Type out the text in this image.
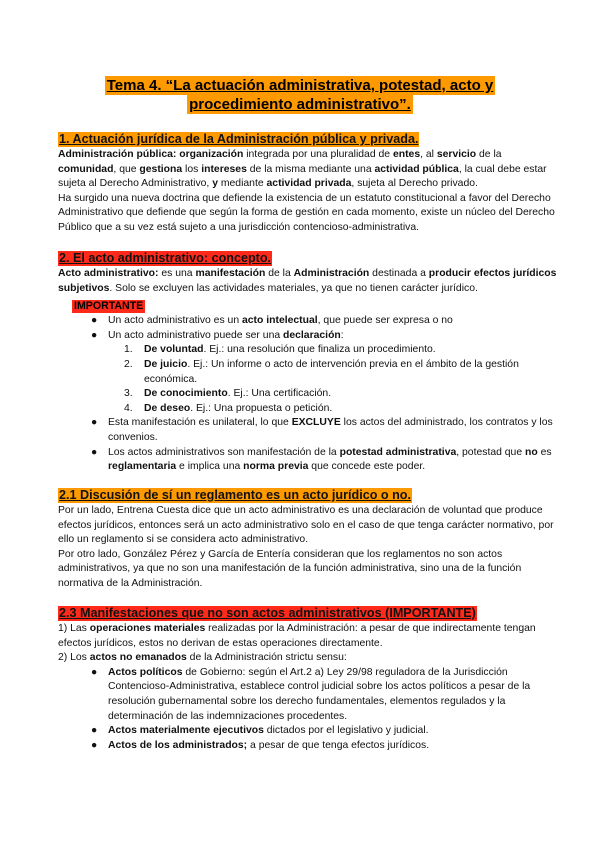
Tema 4. “La actuación administrativa, potestad, acto y
procedimiento administrativo”.
1. Actuación jurídica de la Administración pública y privada.

Administración pública: organización integrada por una pluralidad de entes, al servicio de la comunidad, que gestiona los intereses de la misma mediante una actividad pública, la cual debe estar sujeta al Derecho Administrativo, y mediante actividad privada, sujeta al Derecho privado.

Ha surgido una nueva doctrina que defiende la existencia de un estatuto constitucional a favor del Derecho Administrativo que defiende que según la forma de gestión en cada momento, existe un núcleo del Derecho Público que a su vez está sujeto a una jurisdicción contencioso-administrativa.

2. El acto administrativo: concepto.

Acto administrativo: es una manifestación de la Administración destinada a producir efectos jurídicos subjetivos. Solo se excluyen las actividades materiales, ya que no tienen carácter jurídico.

IMPORTANTE
● Un acto administrativo es un acto intelectual, que puede ser expresa o no
● Un acto administrativo puede ser una declaración:
1. De voluntad. Ej.: una resolución que finaliza un procedimiento.
2. De juicio. Ej.: Un informe o acto de intervención previa en el ámbito de la gestión económica.
3. De conocimiento. Ej.: Una certificación.
4. De deseo. Ej.: Una propuesta o petición.
● Esta manifestación es unilateral, lo que EXCLUYE los actos del administrado, los contratos y los convenios.
● Los actos administrativos son manifestación de la potestad administrativa, potestad que no es reglamentaria e implica una norma previa que concede este poder.
2.1 Discusión de sí un reglamento es un acto jurídico o no.

Por un lado, Entrena Cuesta dice que un acto administrativo es una declaración de voluntad que produce efectos jurídicos, entonces será un acto administrativo solo en el caso de que tenga carácter normativo, por ello un reglamento si se considera acto administrativo.

Por otro lado, González Pérez y García de Entería consideran que los reglamentos no son actos administrativos, ya que no son una manifestación de la función administrativa, sino una de la función normativa de la Administración.

2.3 Manifestaciones que no son actos administrativos (IMPORTANTE)

1) Las operaciones materiales realizadas por la Administración: a pesar de que indirectamente tengan efectos jurídicos, estos no derivan de estas operaciones directamente.

2) Los actos no emanados de la Administración strictu sensu:

● Actos políticos de Gobierno: según el Art.2 a) Ley 29/98 reguladora de la Jurisdicción Contencioso-Administrativa, establece control judicial sobre los actos políticos a pesar de la resolución gubernamental sobre los derecho fundamentales, elementos regulados y la determinación de las indemnizaciones procedentes.
● Actos materialmente ejecutivos dictados por el legislativo y judicial.
● Actos de los administrados; a pesar de que tenga efectos jurídicos.
